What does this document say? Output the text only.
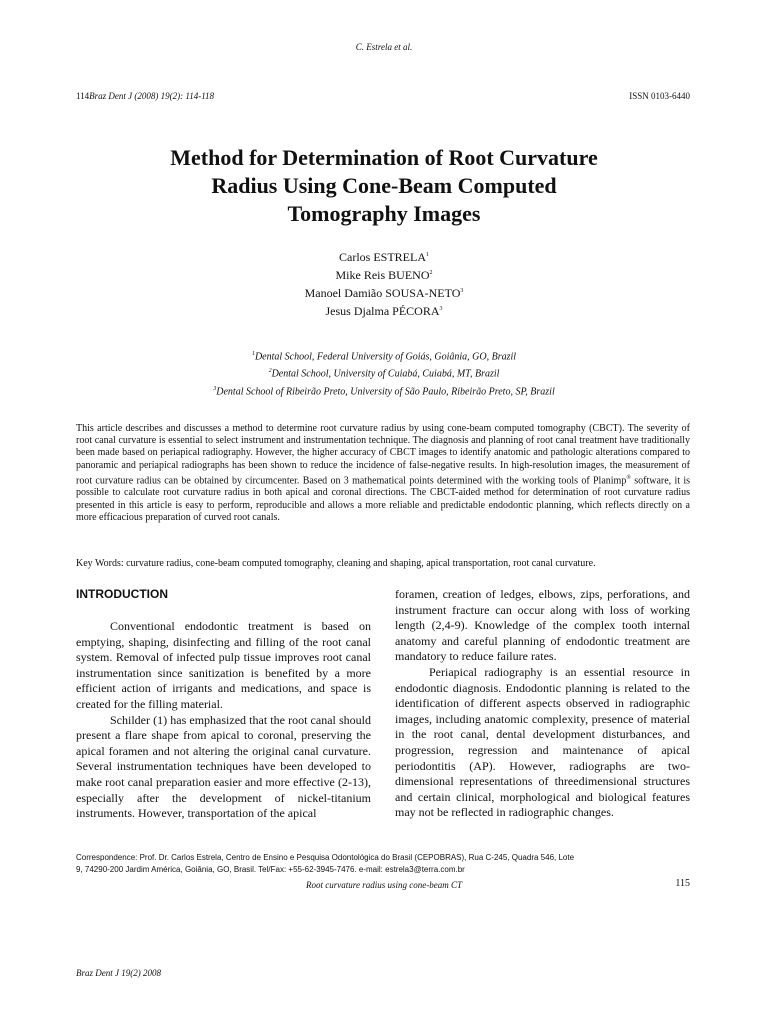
C. Estrela et al.
114Braz Dent J (2008) 19(2): 114-118	ISSN 0103-6440
Method for Determination of Root Curvature
Radius Using Cone-Beam Computed
Tomography Images
Carlos ESTRELA$^1$
Mike Reis BUENO$^2$
Manoel Damião SOUSA-NETO$^3$
Jesus Djalma PÉCORA$^3$
$^1$Dental School, Federal University of Goiás, Goiânia, GO, Brazil
$^2$Dental School, University of Cuiabá, Cuiabá, MT, Brazil
$^3$Dental School of Ribeirão Preto, University of São Paulo, Ribeirão Preto, SP, Brazil
This article describes and discusses a method to determine root curvature radius by using cone-beam computed tomography (CBCT). The severity of root canal curvature is essential to select instrument and instrumentation technique. The diagnosis and planning of root canal treatment have traditionally been made based on periapical radiography. However, the higher accuracy of CBCT images to identify anatomic and pathologic alterations compared to panoramic and periapical radiographs has been shown to reduce the incidence of false-negative results. In high-resolution images, the measurement of root curvature radius can be obtained by circumcenter. Based on 3 mathematical points determined with the working tools of Planimp® software, it is possible to calculate root curvature radius in both apical and coronal directions. The CBCT-aided method for determination of root curvature radius presented in this article is easy to perform, reproducible and allows a more reliable and predictable endodontic planning, which reflects directly on a more efficacious preparation of curved root canals.
Key Words: curvature radius, cone-beam computed tomography, cleaning and shaping, apical transportation, root canal curvature.
INTRODUCTION

Conventional endodontic treatment is based on emptying, shaping, disinfecting and filling of the root canal system. Removal of infected pulp tissue improves root canal instrumentation since sanitization is benefited by a more efficient action of irrigants and medications, and space is created for the filling material.

Schilder (1) has emphasized that the root canal should present a flare shape from apical to coronal, preserving the apical foramen and not altering the original canal curvature. Several instrumentation techniques have been developed to make root canal preparation easier and more effective (2-13), especially after the development of nickel-titanium instruments. However, transportation of the apical

foramen, creation of ledges, elbows, zips, perforations, and instrument fracture can occur along with loss of working length (2,4-9). Knowledge of the complex tooth internal anatomy and careful planning of endodontic treatment are mandatory to reduce failure rates.

Periapical radiography is an essential resource in endodontic diagnosis. Endodontic planning is related to the identification of different aspects observed in radiographic images, including anatomic complexity, presence of material in the root canal, dental development disturbances, and progression, regression and maintenance of apical periodontitis (AP). However, radiographs are two-dimensional representations of threedimensional structures and certain clinical, morphological and biological features may not be reflected in radiographic changes.

Correspondence: Prof. Dr. Carlos Estrela, Centro de Ensino e Pesquisa Odontológica do Brasil (CEPOBRAS), Rua C-245, Quadra 546, Lote
9, 74290-200 Jardim América, Goiânia, GO, Brasil. Tel/Fax: +55-62-3945-7476. e-mail: estrela3@terra.com.br
Root curvature radius using cone-beam CT	115
Braz Dent J 19(2) 2008
